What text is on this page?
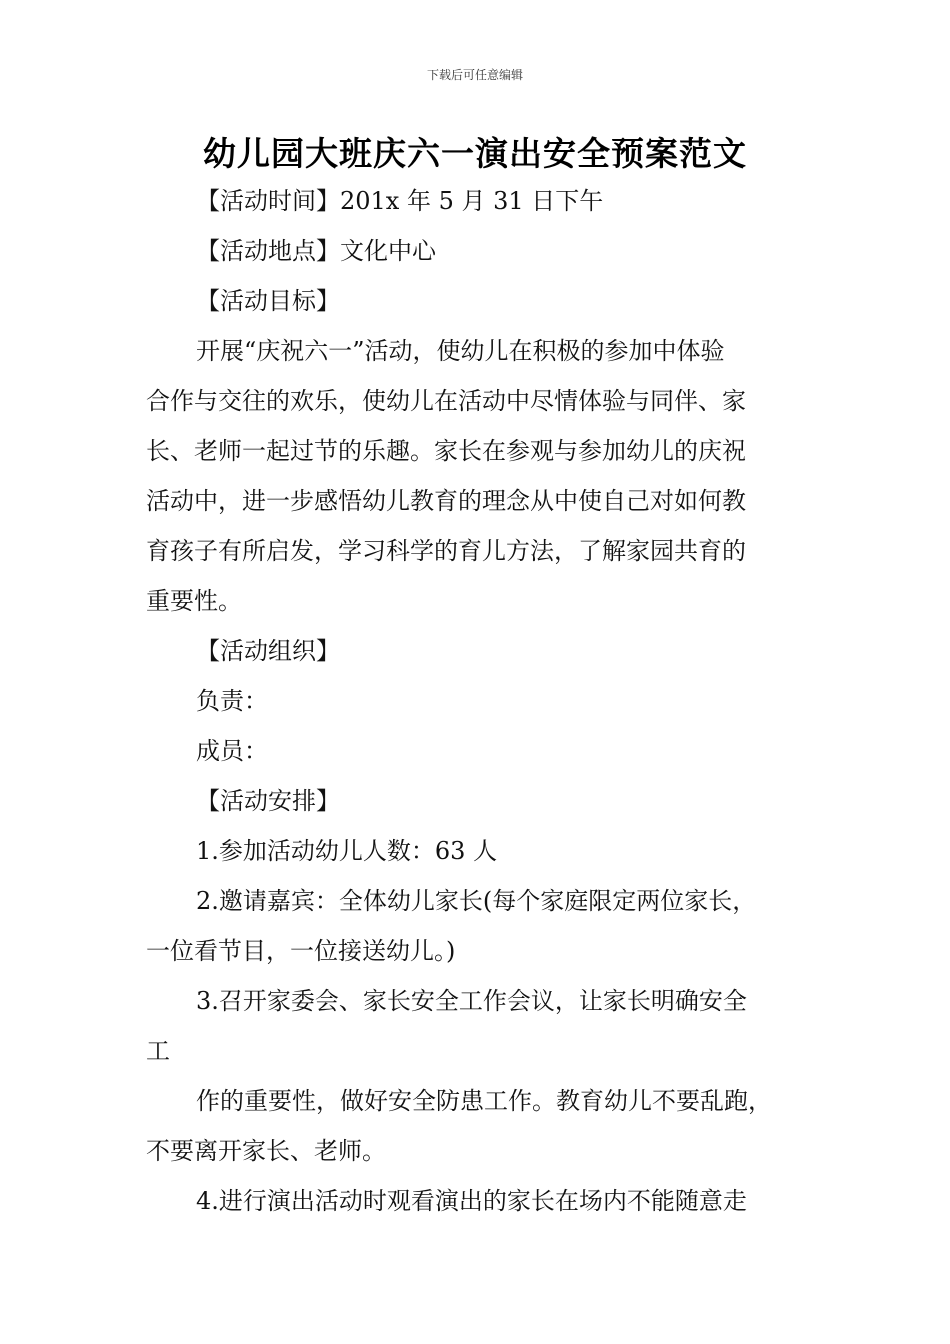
下载后可任意编辑
幼儿园大班庆六一演出安全预案范文

【活动时间】201x 年 5 月 31 日下午

【活动地点】文化中心

【活动目标】

开展“庆祝六一”活动，使幼儿在积极的参加中体验

合作与交往的欢乐，使幼儿在活动中尽情体验与同伴、家

长、老师一起过节的乐趣。家长在参观与参加幼儿的庆祝

活动中，进一步感悟幼儿教育的理念从中使自己对如何教

育孩子有所启发，学习科学的育儿方法，了解家园共育的

重要性。

【活动组织】

负责：

成员：

【活动安排】

1.参加活动幼儿人数：63 人

2.邀请嘉宾：全体幼儿家长(每个家庭限定两位家长，

一位看节目，一位接送幼儿。)

3.召开家委会、家长安全工作会议，让家长明确安全

工

作的重要性，做好安全防患工作。教育幼儿不要乱跑，

不要离开家长、老师。

4.进行演出活动时观看演出的家长在场内不能随意走
